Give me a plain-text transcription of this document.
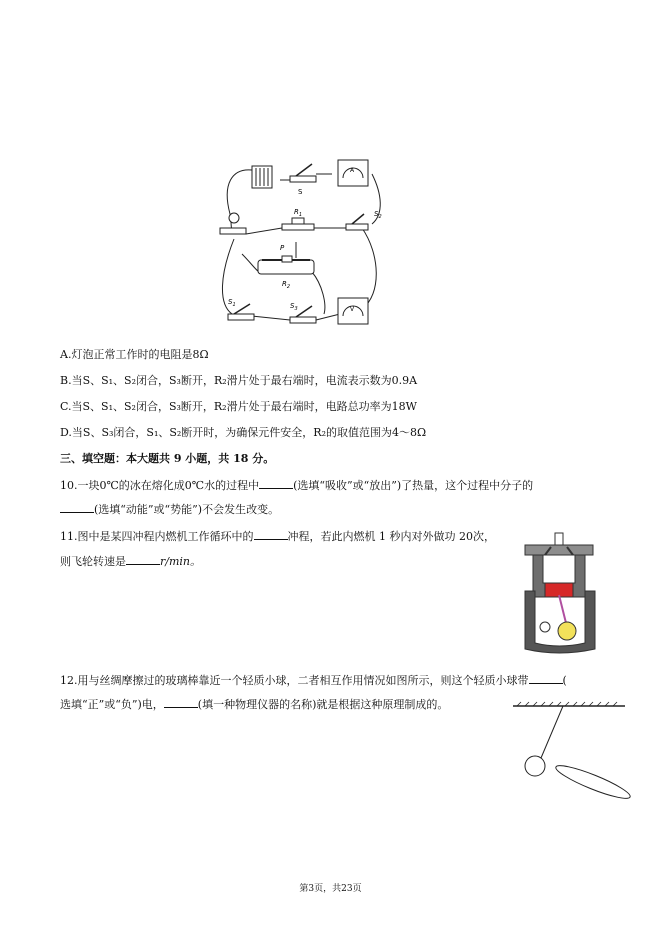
S
A
$R_1$	$S_2$
P
$R_2$
$S_1$	$S_3$	V
A.灯泡正常工作时的电阻是8Ω
B.当S、S₁、S₂闭合，S₃断开，R₂滑片处于最右端时，电流表示数为0.9A
C.当S、S₁、S₂闭合，S₃断开，R₂滑片处于最右端时，电路总功率为18W
D.当S、S₃闭合，S₁、S₂断开时，为确保元件安全，R₂的取值范围为4～8Ω
三、填空题：本大题共 9 小题，共 18 分。
10.一块0℃的冰在熔化成0℃水的过程中	(选填“吸收”或“放出”)了热量，这个过程中分子的
(选填“动能”或“势能”)不会发生改变。
11.图中是某四冲程内燃机工作循环中的	冲程，若此内燃机 1 秒内对外做功 20次，
则飞轮转速是	r/min。
12.用与丝绸摩擦过的玻璃棒靠近一个轻质小球，二者相互作用情况如图所示，则这个轻质小球带	(
选填“正”或“负”)电，	(填一种物理仪器的名称)就是根据这种原理制成的。
第3页，共23页
